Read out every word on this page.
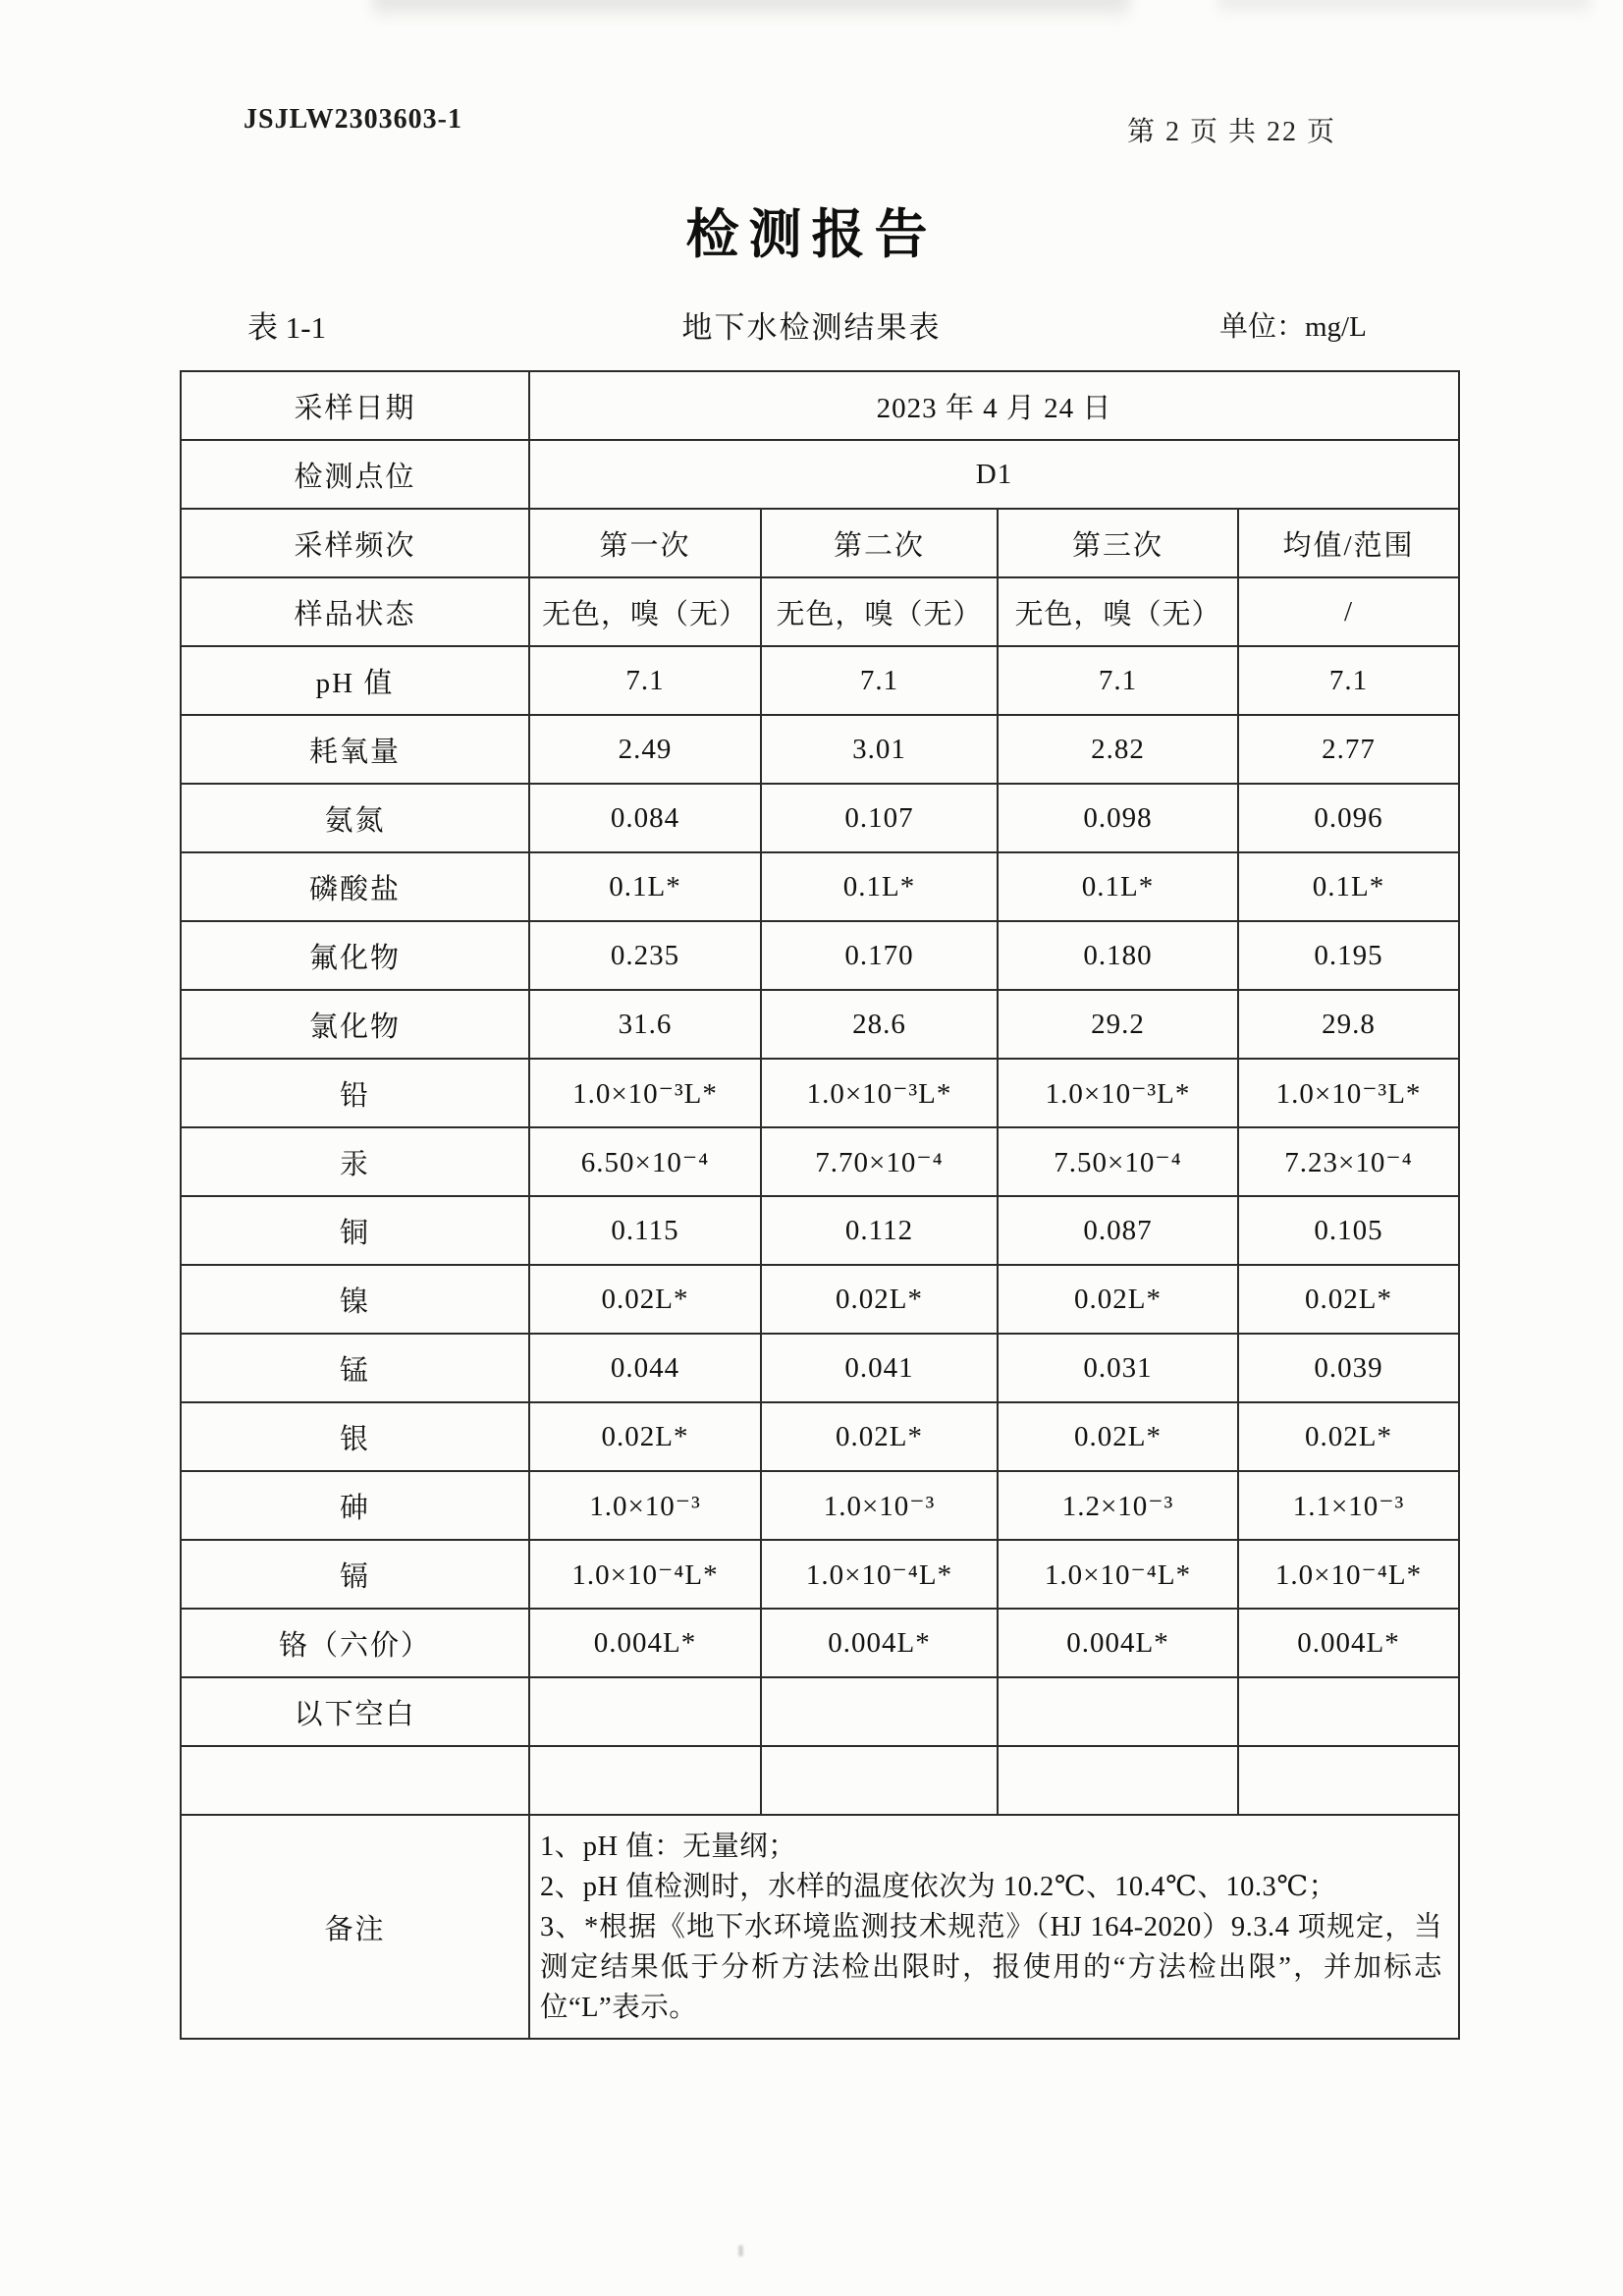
JSJLW2303603-1	第 2 页 共 22 页
检测报告
表 1-1	地下水检测结果表	单位：mg/L
采样日期	2023 年 4 月 24 日			
检测点位	D1			
采样频次	第一次	第二次	第三次	均值/范围
样品状态	无色，嗅（无）	无色，嗅（无）	无色，嗅（无）	/
pH 值	7.1	7.1	7.1	7.1
耗氧量	2.49	3.01	2.82	2.77
氨氮	0.084	0.107	0.098	0.096
磷酸盐	0.1L*	0.1L*	0.1L*	0.1L*
氟化物	0.235	0.170	0.180	0.195
氯化物	31.6	28.6	29.2	29.8
铅	1.0×10⁻³L*	1.0×10⁻³L*	1.0×10⁻³L*	1.0×10⁻³L*
汞	6.50×10⁻⁴	7.70×10⁻⁴	7.50×10⁻⁴	7.23×10⁻⁴
铜	0.115	0.112	0.087	0.105
镍	0.02L*	0.02L*	0.02L*	0.02L*
锰	0.044	0.041	0.031	0.039
银	0.02L*	0.02L*	0.02L*	0.02L*
砷	1.0×10⁻³	1.0×10⁻³	1.2×10⁻³	1.1×10⁻³
镉	1.0×10⁻⁴L*	1.0×10⁻⁴L*	1.0×10⁻⁴L*	1.0×10⁻⁴L*
铬（六价）	0.004L*	0.004L*	0.004L*	0.004L*
以下空白				

备注	1、pH 值：无量纲；
2、pH 值检测时，水样的温度依次为 10.2℃、10.4℃、10.3℃；
3、*根据《地下水环境监测技术规范》（HJ 164-2020）9.3.4 项规定，当测定结果低于分析方法检出限时，报使用的“方法检出限”，并加标志位“L”表示。			
